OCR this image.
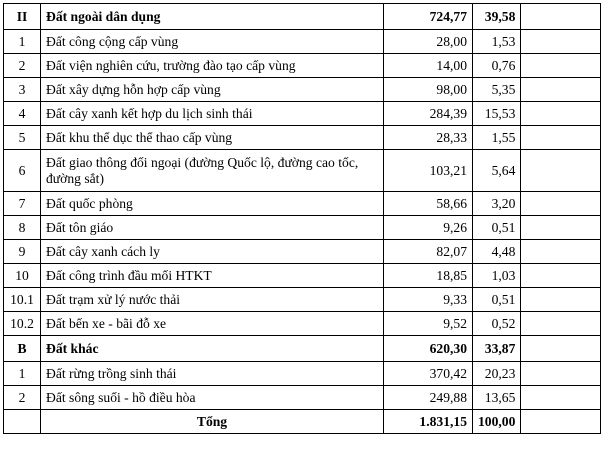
II	Đất ngoài dân dụng	724,77	39,58	
1	Đất công cộng cấp vùng	28,00	1,53	
2	Đất viện nghiên cứu, trường đào tạo cấp vùng	14,00	0,76	
3	Đất xây dựng hỗn hợp cấp vùng	98,00	5,35	
4	Đất cây xanh kết hợp du lịch sinh thái	284,39	15,53	
5	Đất khu thể dục thể thao cấp vùng	28,33	1,55	
6	Đất giao thông đối ngoại (đường Quốc lộ, đường cao tốc, đường sắt)	103,21	5,64	
7	Đất quốc phòng	58,66	3,20	
8	Đất tôn giáo	9,26	0,51	
9	Đất cây xanh cách ly	82,07	4,48	
10	Đất công trình đầu mối HTKT	18,85	1,03	
10.1	Đất trạm xử lý nước thải	9,33	0,51	
10.2	Đất bến xe - bãi đỗ xe	9,52	0,52	
B	Đất khác	620,30	33,87	
1	Đất rừng trồng sinh thái	370,42	20,23	
2	Đất sông suối - hồ điều hòa	249,88	13,65	
	Tổng	1.831,15	100,00	
